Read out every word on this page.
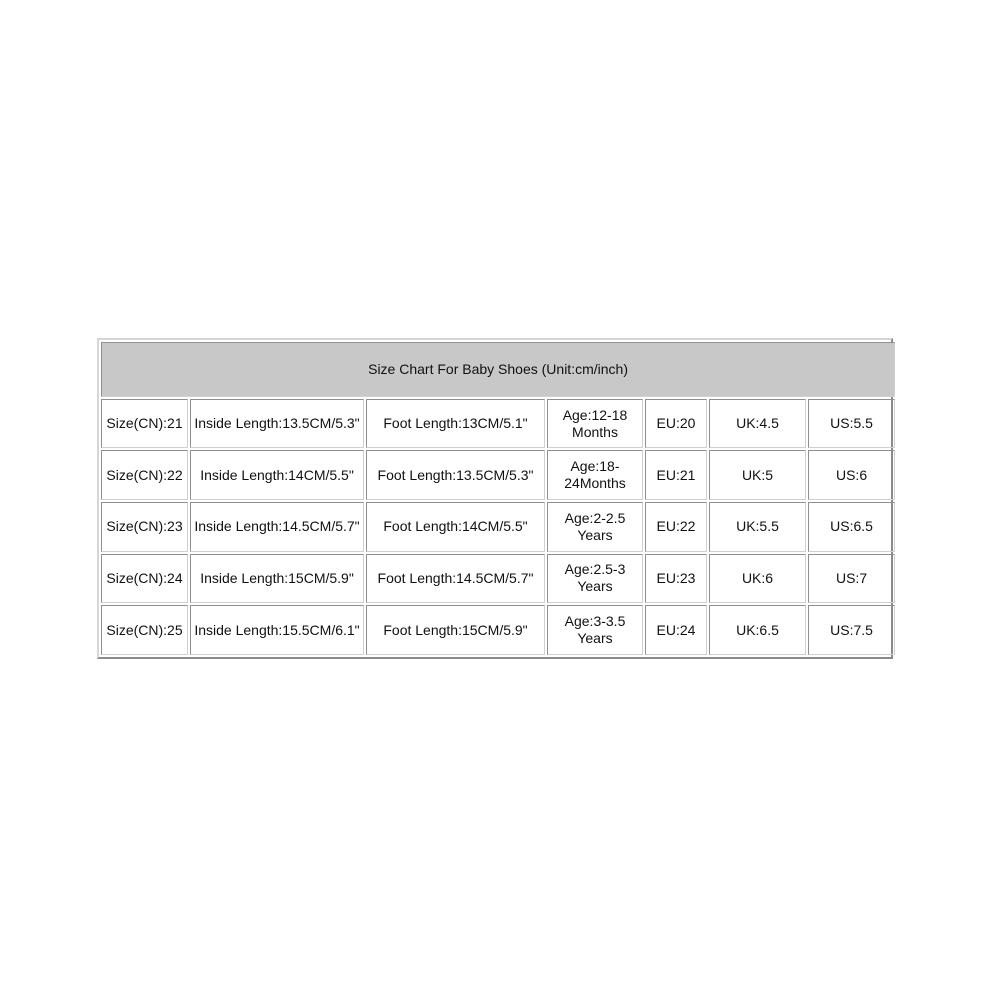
Size Chart For Baby Shoes (Unit:cm/inch)						
Size(CN):21	Inside Length:13.5CM/5.3"	Foot Length:13CM/5.1"	Age:12-18 Months	EU:20	UK:4.5	US:5.5
Size(CN):22	Inside Length:14CM/5.5"	Foot Length:13.5CM/5.3"	Age:18- 24Months	EU:21	UK:5	US:6
Size(CN):23	Inside Length:14.5CM/5.7"	Foot Length:14CM/5.5"	Age:2-2.5 Years	EU:22	UK:5.5	US:6.5
Size(CN):24	Inside Length:15CM/5.9"	Foot Length:14.5CM/5.7"	Age:2.5-3 Years	EU:23	UK:6	US:7
Size(CN):25	Inside Length:15.5CM/6.1"	Foot Length:15CM/5.9"	Age:3-3.5 Years	EU:24	UK:6.5	US:7.5
